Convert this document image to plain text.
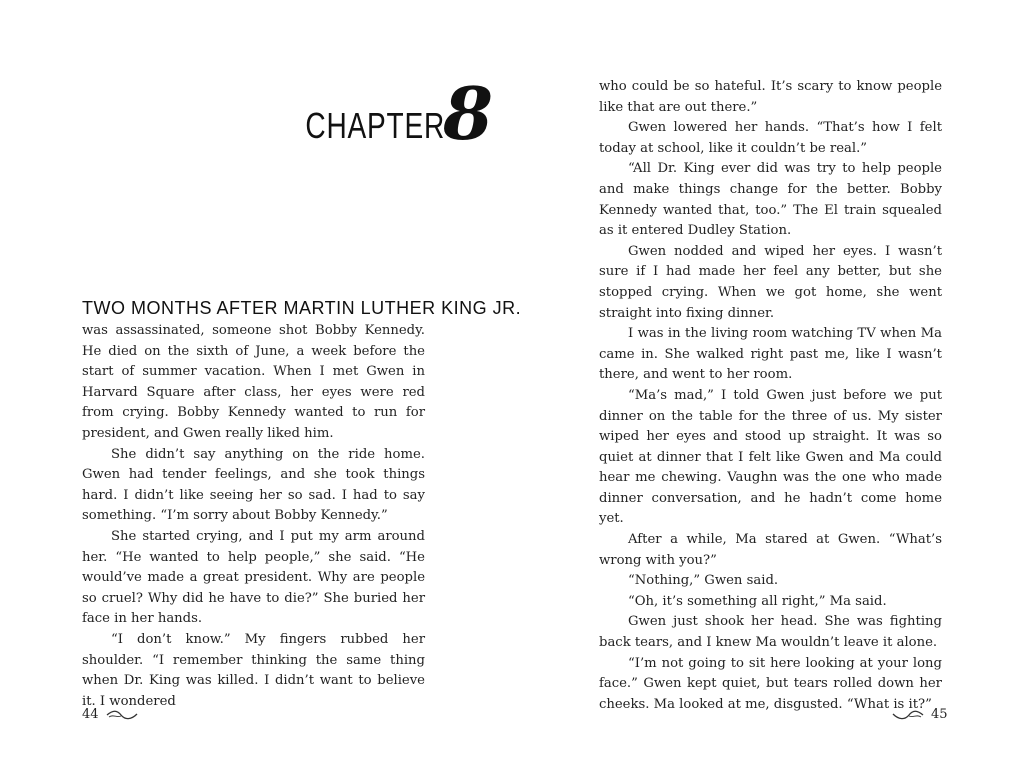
CHAPTER
8
TWO MONTHS AFTER MARTIN LUTHER KING JR.

was assassinated, someone shot Bobby Kennedy. He died on the sixth of June, a week before the start of summer vacation. When I met Gwen in Harvard Square after class, her eyes were red from crying. Bobby Kennedy wanted to run for president, and Gwen really liked him.

She didn’t say anything on the ride home. Gwen had tender feelings, and she took things hard. I didn’t like seeing her so sad. I had to say something. “I’m sorry about Bobby Kennedy.”

She started crying, and I put my arm around her. “He wanted to help people,” she said. “He would’ve made a great president. Why are people so cruel? Why did he have to die?” She buried her face in her hands.

“I don’t know.” My fingers rubbed her shoulder. “I remember thinking the same thing when Dr. King was killed. I didn’t want to believe it. I wondered

44

who could be so hateful. It’s scary to know people like that are out there.”

Gwen lowered her hands. “That’s how I felt today at school, like it couldn’t be real.”

“All Dr. King ever did was try to help people and make things change for the better. Bobby Kennedy wanted that, too.” The El train squealed as it entered Dudley Station.

Gwen nodded and wiped her eyes. I wasn’t sure if I had made her feel any better, but she stopped crying. When we got home, she went straight into fixing dinner.

I was in the living room watching TV when Ma came in. She walked right past me, like I wasn’t there, and went to her room.

“Ma’s mad,” I told Gwen just before we put dinner on the table for the three of us. My sister wiped her eyes and stood up straight. It was so quiet at dinner that I felt like Gwen and Ma could hear me chewing. Vaughn was the one who made dinner conversation, and he hadn’t come home yet.

After a while, Ma stared at Gwen. “What’s wrong with you?”

“Nothing,” Gwen said.

“Oh, it’s something all right,” Ma said.

Gwen just shook her head. She was fighting back tears, and I knew Ma wouldn’t leave it alone.

“I’m not going to sit here looking at your long face.” Gwen kept quiet, but tears rolled down her cheeks. Ma looked at me, disgusted. “What is it?”

45
